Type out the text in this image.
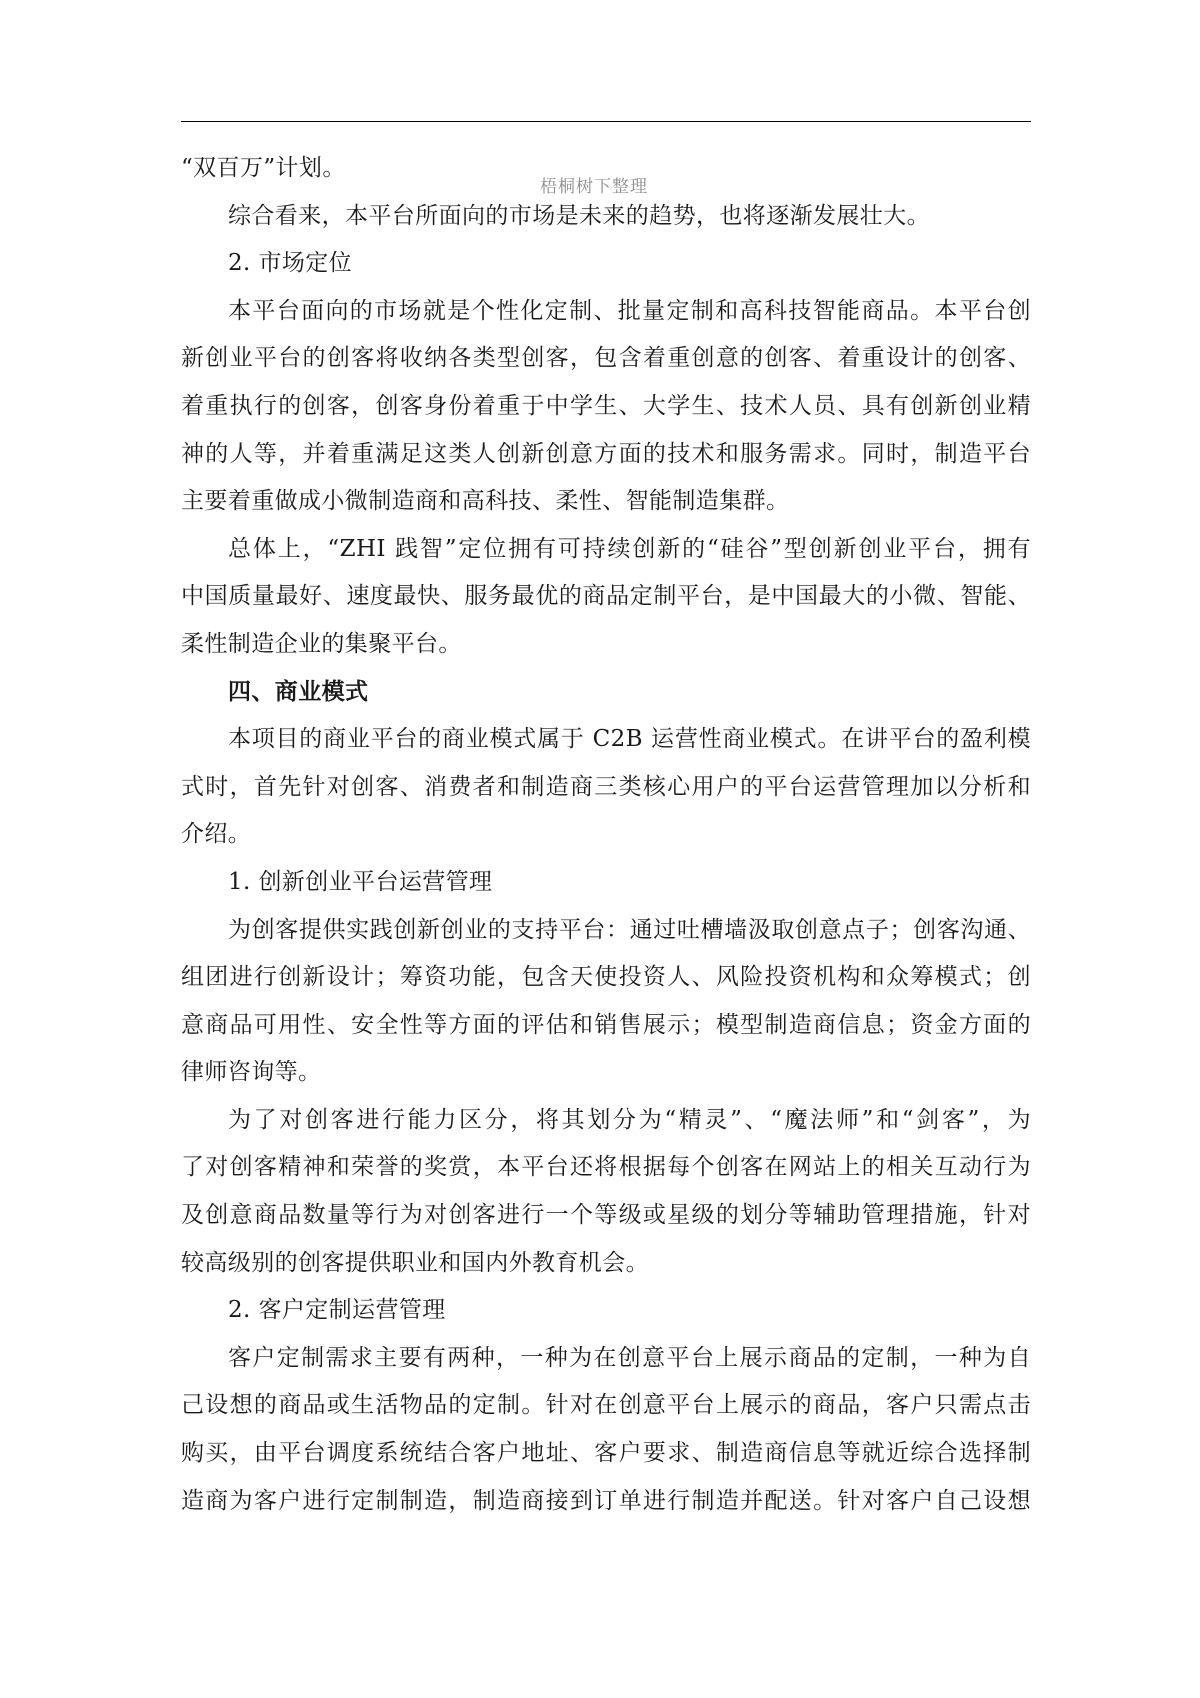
梧桐树下整理
“双百万”计划。
综合看来，本平台所面向的市场是未来的趋势，也将逐渐发展壮大。
2. 市场定位
本平台面向的市场就是个性化定制、批量定制和高科技智能商品。本平台创
新创业平台的创客将收纳各类型创客，包含着重创意的创客、着重设计的创客、
着重执行的创客，创客身份着重于中学生、大学生、技术人员、具有创新创业精
神的人等，并着重满足这类人创新创意方面的技术和服务需求。同时，制造平台
主要着重做成小微制造商和高科技、柔性、智能制造集群。
总体上，“ZHI 践智”定位拥有可持续创新的“硅谷”型创新创业平台，拥有
中国质量最好、速度最快、服务最优的商品定制平台，是中国最大的小微、智能、
柔性制造企业的集聚平台。
四、商业模式
本项目的商业平台的商业模式属于 C2B 运营性商业模式。在讲平台的盈利模
式时，首先针对创客、消费者和制造商三类核心用户的平台运营管理加以分析和
介绍。
1. 创新创业平台运营管理
为创客提供实践创新创业的支持平台：通过吐槽墙汲取创意点子；创客沟通、
组团进行创新设计；筹资功能，包含天使投资人、风险投资机构和众筹模式；创
意商品可用性、安全性等方面的评估和销售展示；模型制造商信息；资金方面的
律师咨询等。
为了对创客进行能力区分，将其划分为“精灵”、“魔法师”和“剑客”，为
了对创客精神和荣誉的奖赏，本平台还将根据每个创客在网站上的相关互动行为
及创意商品数量等行为对创客进行一个等级或星级的划分等辅助管理措施，针对
较高级别的创客提供职业和国内外教育机会。
2. 客户定制运营管理
客户定制需求主要有两种，一种为在创意平台上展示商品的定制，一种为自
己设想的商品或生活物品的定制。针对在创意平台上展示的商品，客户只需点击
购买，由平台调度系统结合客户地址、客户要求、制造商信息等就近综合选择制
造商为客户进行定制制造，制造商接到订单进行制造并配送。针对客户自己设想
